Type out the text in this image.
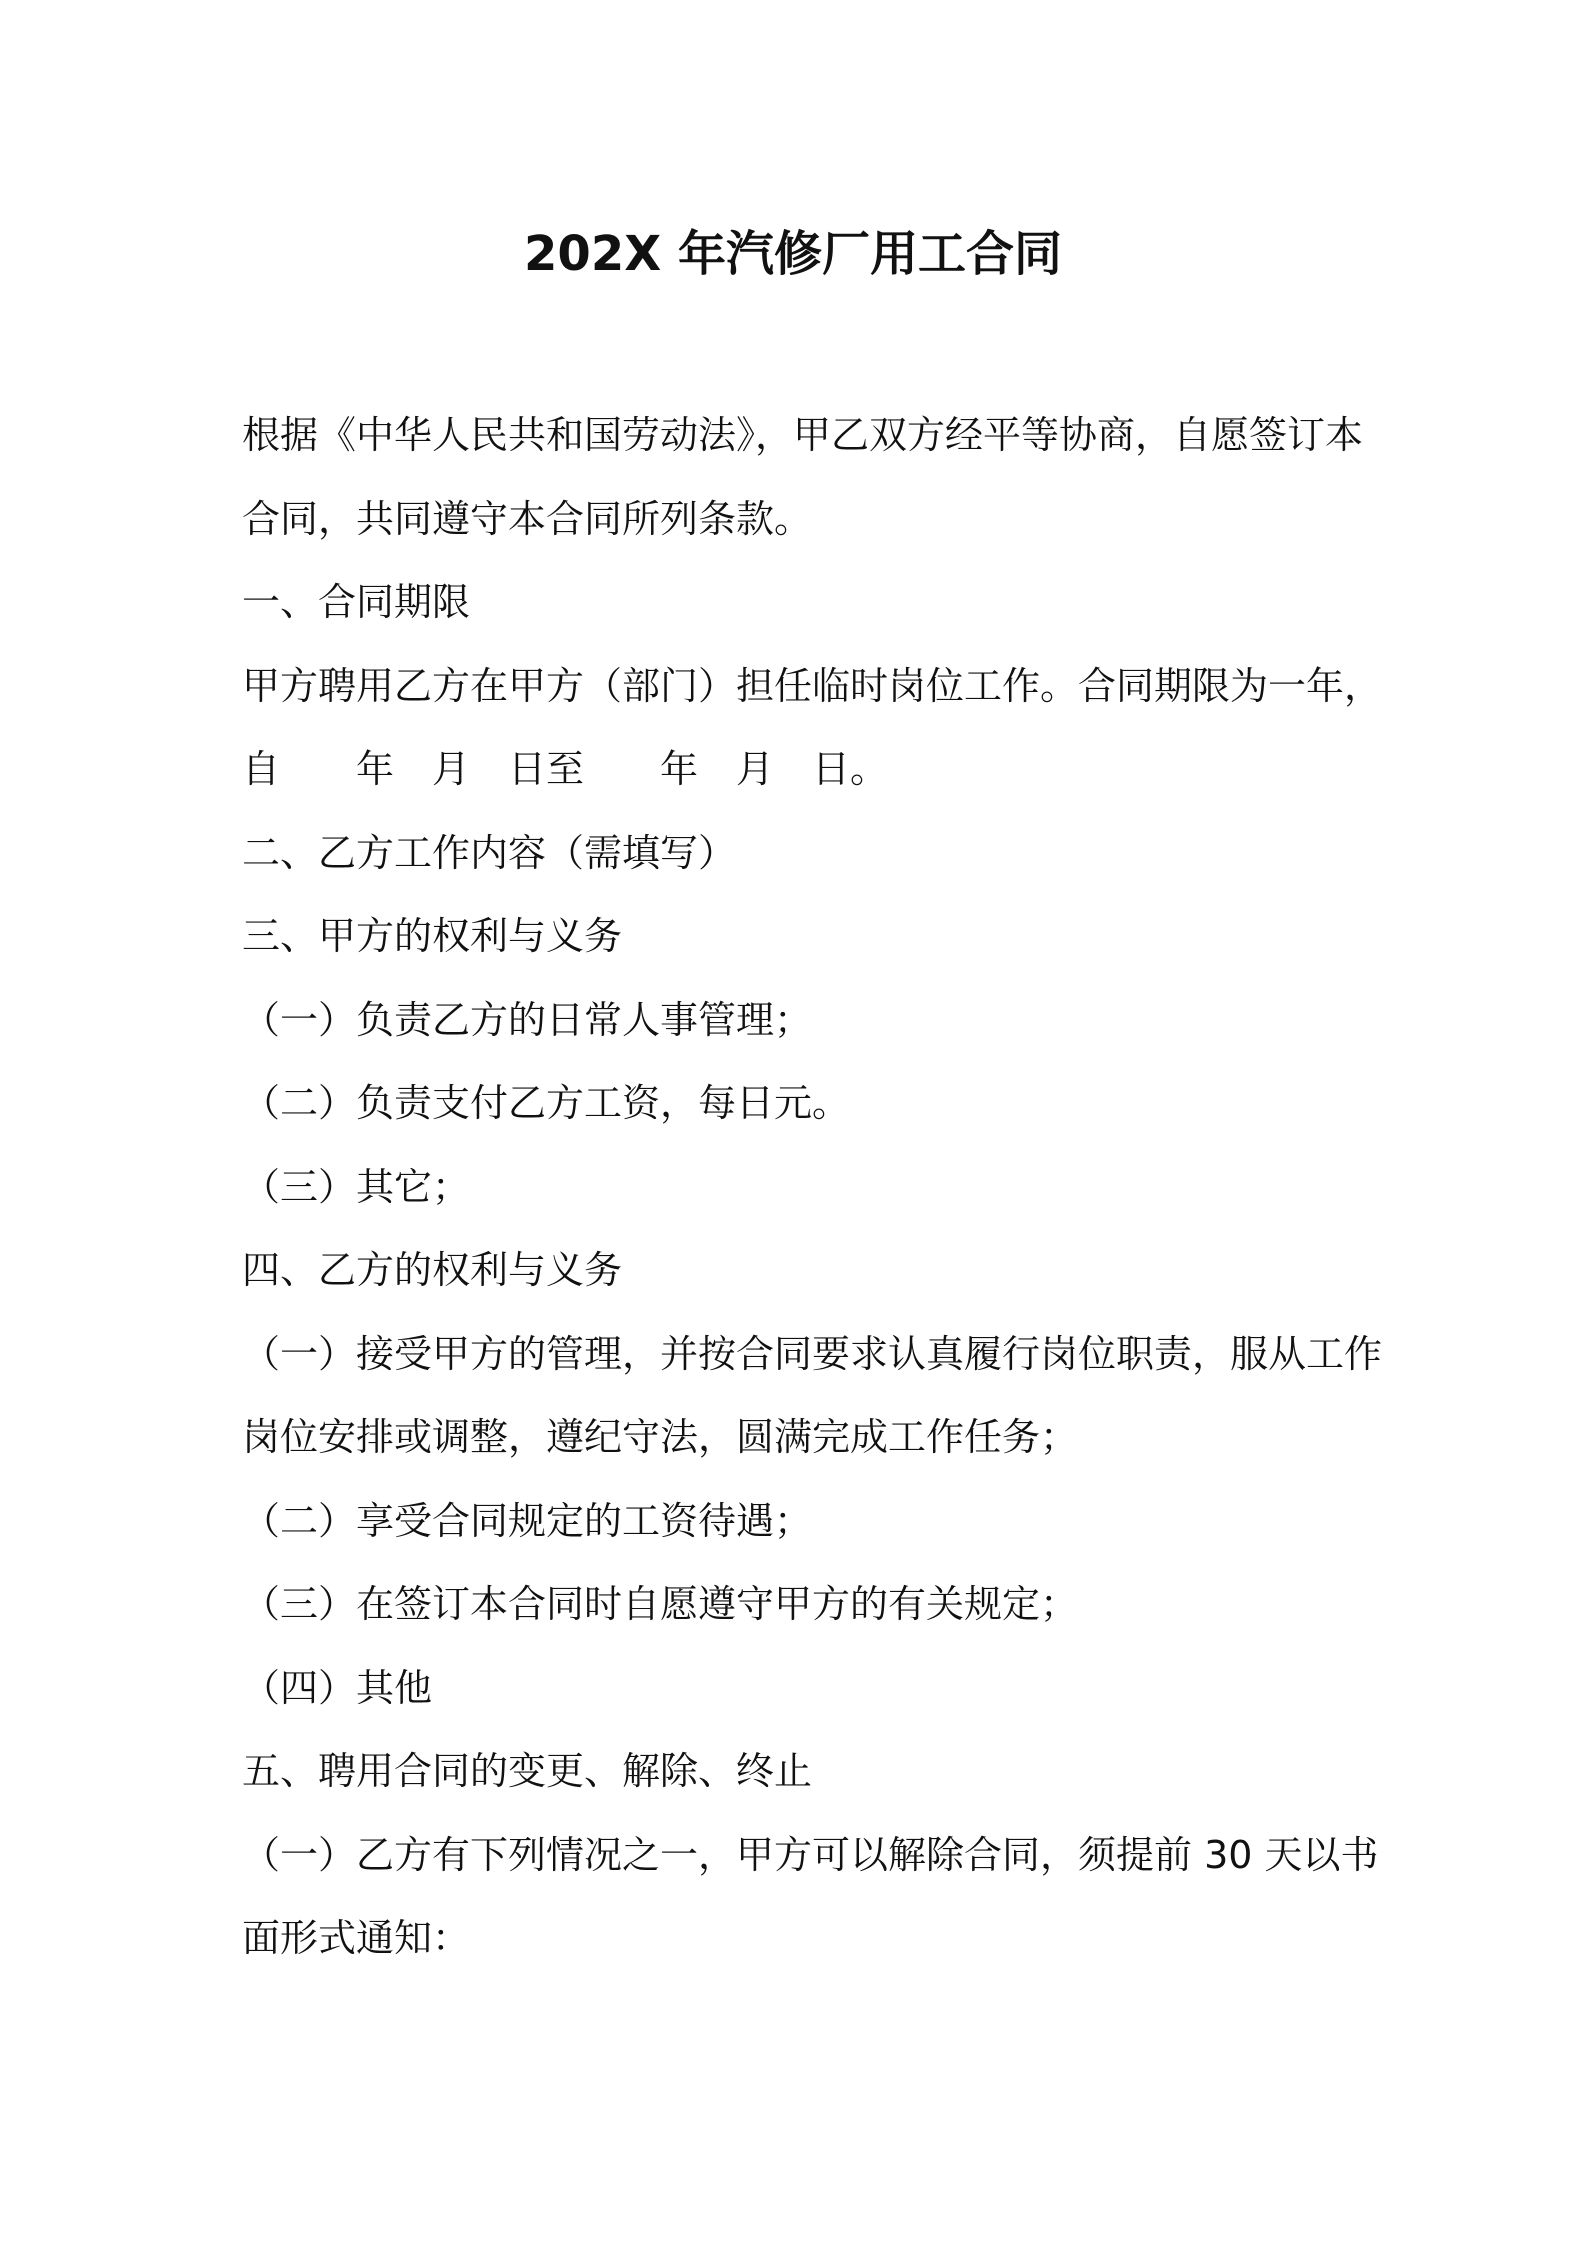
202X 年汽修厂用工合同
根据《中华人民共和国劳动法》，甲乙双方经平等协商，自愿签订本
合同，共同遵守本合同所列条款。
一、合同期限
甲方聘用乙方在甲方（部门）担任临时岗位工作。合同期限为一年，
自　　年　月　日至　　年　月　日。
二、乙方工作内容（需填写）
三、甲方的权利与义务
（一）负责乙方的日常人事管理；
（二）负责支付乙方工资，每日元。
（三）其它；
四、乙方的权利与义务
（一）接受甲方的管理，并按合同要求认真履行岗位职责，服从工作
岗位安排或调整，遵纪守法，圆满完成工作任务；
（二）享受合同规定的工资待遇；
（三）在签订本合同时自愿遵守甲方的有关规定；
（四）其他
五、聘用合同的变更、解除、终止
（一）乙方有下列情况之一，甲方可以解除合同，须提前 30 天以书
面形式通知：
